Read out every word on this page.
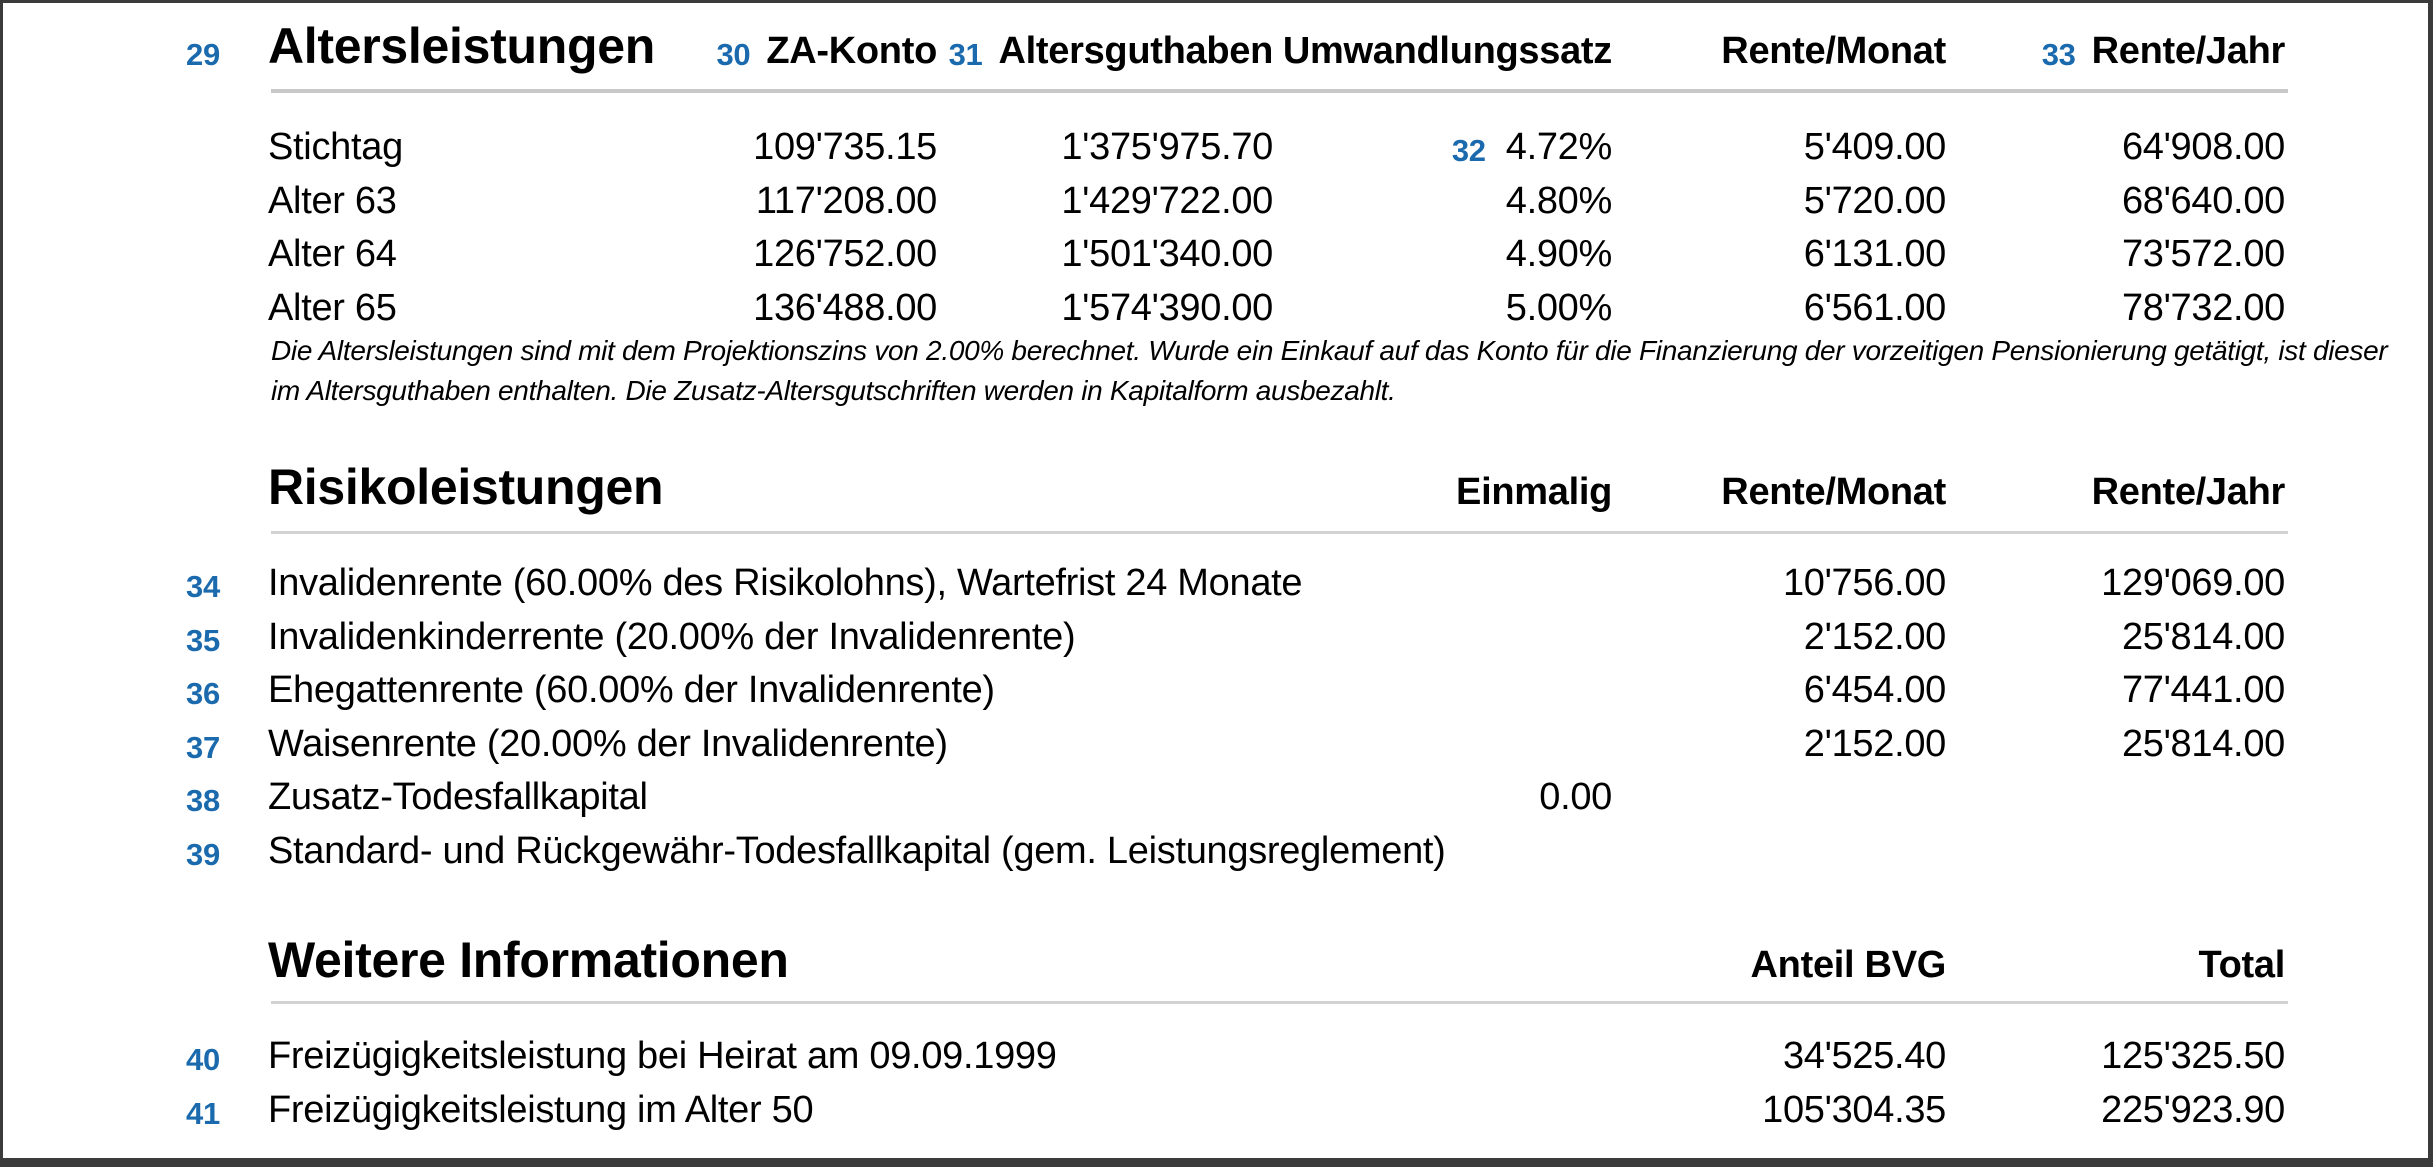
29	Altersleistungen	30 ZA-Konto	31 Altersguthaben	Umwandlungssatz	Rente/Monat	33 Rente/Jahr
	Stichtag	109'735.15	1'375'975.70	32 4.72%	5'409.00	64'908.00
	Alter 63	117'208.00	1'429'722.00	4.80%	5'720.00	68'640.00
	Alter 64	126'752.00	1'501'340.00	4.90%	6'131.00	73'572.00
	Alter 65	136'488.00	1'574'390.00	5.00%	6'561.00	78'732.00
Die Altersleistungen sind mit dem Projektionszins von 2.00% berechnet. Wurde ein Einkauf auf das Konto für die Finanzierung der vorzeitigen Pensionierung getätigt, ist dieser
im Altersguthaben enthalten. Die Zusatz-Altersgutschriften werden in Kapitalform ausbezahlt.
	Risikoleistungen	Einmalig	Rente/Monat	Rente/Jahr
34	Invalidenrente (60.00% des Risikolohns), Wartefrist 24 Monate		10'756.00	129'069.00
35	Invalidenkinderrente (20.00% der Invalidenrente)		2'152.00	25'814.00
36	Ehegattenrente (60.00% der Invalidenrente)		6'454.00	77'441.00
37	Waisenrente (20.00% der Invalidenrente)		2'152.00	25'814.00
38	Zusatz-Todesfallkapital	0.00		
39	Standard- und Rückgewähr-Todesfallkapital (gem. Leistungsreglement)			
	Weitere Informationen	Anteil BVG	Total
40	Freizügigkeitsleistung bei Heirat am 09.09.1999	34'525.40	125'325.50
41	Freizügigkeitsleistung im Alter 50	105'304.35	225'923.90
